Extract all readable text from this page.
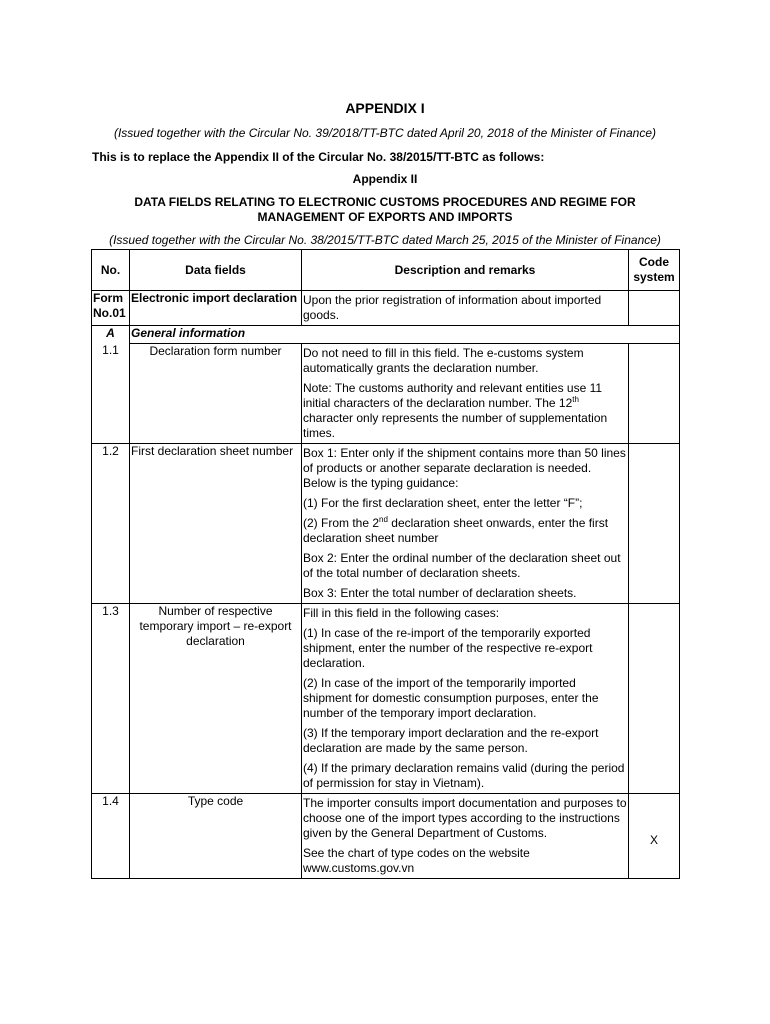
APPENDIX I
(Issued together with the Circular No. 39/2018/TT-BTC dated April 20, 2018 of the Minister of Finance)
This is to replace the Appendix II of the Circular No. 38/2015/TT-BTC as follows:
Appendix II
DATA FIELDS RELATING TO ELECTRONIC CUSTOMS PROCEDURES AND REGIME FOR MANAGEMENT OF EXPORTS AND IMPORTS
(Issued together with the Circular No. 38/2015/TT-BTC dated March 25, 2015 of the Minister of Finance)
No.	Data fields	Description and remarks	Code system
Form No.01	Electronic import declaration	Upon the prior registration of information about imported goods.	

A	General information		
1.1	Declaration form number	Do not need to fill in this field. The e-customs system automatically grants the declaration number.
Note: The customs authority and relevant entities use 11 initial characters of the declaration number. The 12th character only represents the number of supplementation times.	

1.2	First declaration sheet number	Box 1: Enter only if the shipment contains more than 50 lines of products or another separate declaration is needed. Below is the typing guidance:
(1) For the first declaration sheet, enter the letter “F”;
(2) From the 2nd declaration sheet onwards, enter the first declaration sheet number
Box 2: Enter the ordinal number of the declaration sheet out of the total number of declaration sheets.
Box 3: Enter the total number of declaration sheets.	

1.3	Number of respective temporary import – re-export declaration	Fill in this field in the following cases:
(1) In case of the re-import of the temporarily exported shipment, enter the number of the respective re-export declaration.
(2) In case of the import of the temporarily imported shipment for domestic consumption purposes, enter the number of the temporary import declaration.
(3) If the temporary import declaration and the re-export declaration are made by the same person.
(4) If the primary declaration remains valid (during the period of permission for stay in Vietnam).	

1.4	Type code	The importer consults import documentation and purposes to choose one of the import types according to the instructions given by the General Department of Customs.
See the chart of type codes on the website www.customs.gov.vn	X
